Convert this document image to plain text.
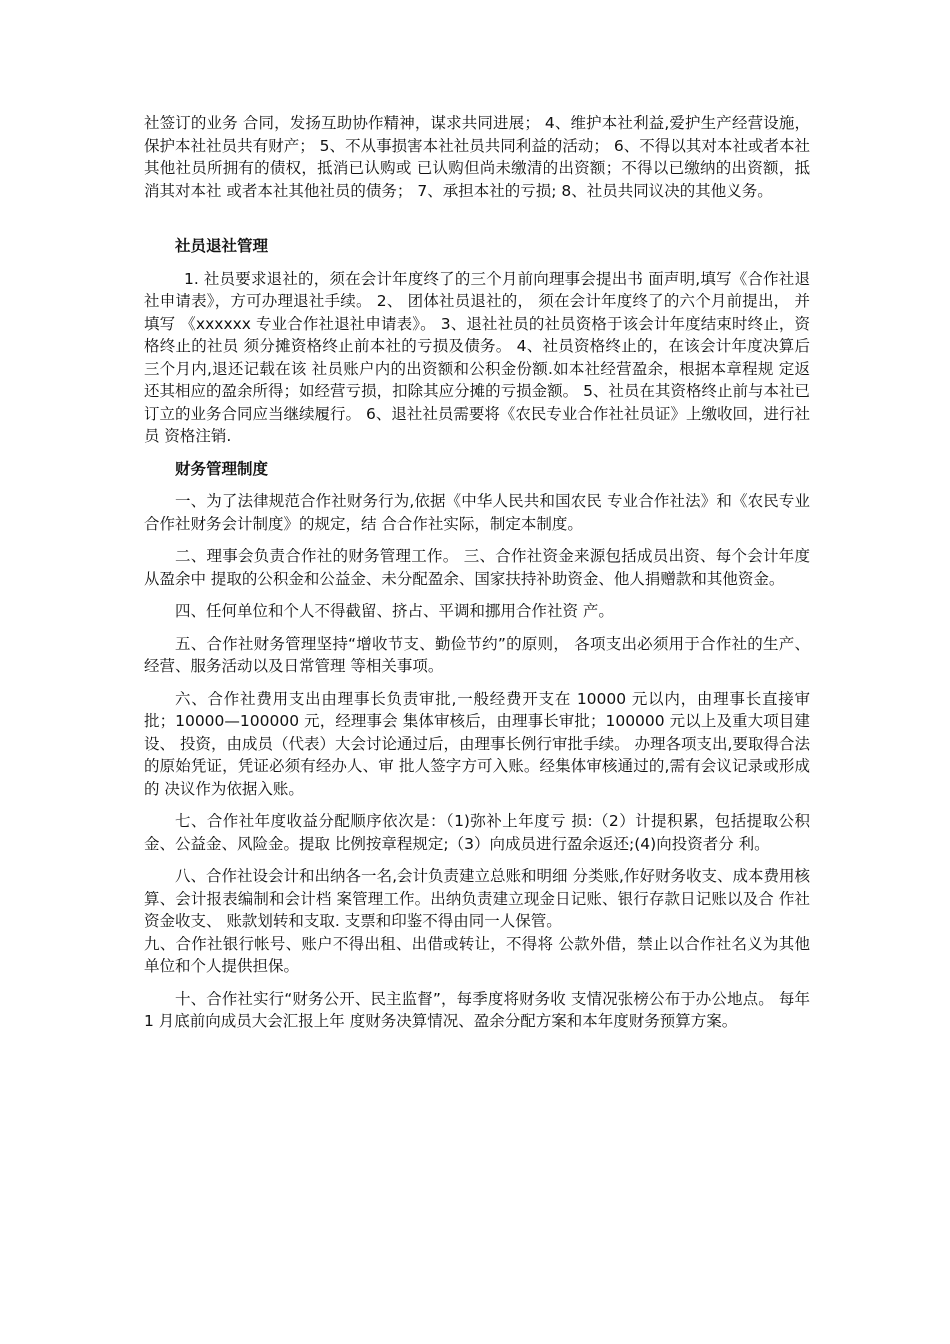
社签订的业务 合同，发扬互助协作精神，谋求共同进展； 4、维护本社利益,爱护生产经营设施，保护本社社员共有财产； 5、不从事损害本社社员共同利益的活动； 6、不得以其对本社或者本社其他社员所拥有的债权，抵消已认购或 已认购但尚未缴清的出资额；不得以已缴纳的出资额，抵消其对本社 或者本社其他社员的债务； 7、承担本社的亏损; 8、社员共同议决的其他义务。

社员退社管理

1. 社员要求退社的，须在会计年度终了的三个月前向理事会提出书 面声明,填写《合作社退社申请表》，方可办理退社手续。 2、 团体社员退社的， 须在会计年度终了的六个月前提出， 并填写 《xxxxxx 专业合作社退社申请表》。 3、退社社员的社员资格于该会计年度结束时终止，资格终止的社员 须分摊资格终止前本社的亏损及债务。 4、社员资格终止的，在该会计年度决算后三个月内,退还记载在该 社员账户内的出资额和公积金份额.如本社经营盈余，根据本章程规 定返还其相应的盈余所得；如经营亏损，扣除其应分摊的亏损金额。 5、社员在其资格终止前与本社已订立的业务合同应当继续履行。 6、退社社员需要将《农民专业合作社社员证》上缴收回，进行社员 资格注销.

财务管理制度

一、为了法律规范合作社财务行为,依据《中华人民共和国农民 专业合作社法》和《农民专业合作社财务会计制度》的规定，结 合合作社实际，制定本制度。

二、理事会负责合作社的财务管理工作。 三、合作社资金来源包括成员出资、每个会计年度从盈余中 提取的公积金和公益金、未分配盈余、国家扶持补助资金、他人捐赠款和其他资金。

四、任何单位和个人不得截留、挤占、平调和挪用合作社资 产。

五、合作社财务管理坚持“增收节支、勤俭节约”的原则， 各项支出必须用于合作社的生产、经营、服务活动以及日常管理 等相关事项。

六、合作社费用支出由理事长负责审批,一般经费开支在 10000 元以内，由理事长直接审批；10000—100000 元，经理事会 集体审核后，由理事长审批；100000 元以上及重大项目建设、 投资，由成员（代表）大会讨论通过后，由理事长例行审批手续。 办理各项支出,要取得合法的原始凭证，凭证必须有经办人、审 批人签字方可入账。经集体审核通过的,需有会议记录或形成的 决议作为依据入账。

七、合作社年度收益分配顺序依次是：（1)弥补上年度亏 损:（2）计提积累，包括提取公积金、公益金、风险金。提取 比例按章程规定;（3）向成员进行盈余返还;(4)向投资者分 利。

八、合作社设会计和出纳各一名,会计负责建立总账和明细 分类账,作好财务收支、成本费用核算、会计报表编制和会计档 案管理工作。出纳负责建立现金日记账、银行存款日记账以及合 作社资金收支、 账款划转和支取. 支票和印鉴不得由同一人保管。

九、合作社银行帐号、账户不得出租、出借或转让，不得将 公款外借，禁止以合作社名义为其他单位和个人提供担保。

十、合作社实行“财务公开、民主监督”，每季度将财务收 支情况张榜公布于办公地点。 每年 1 月底前向成员大会汇报上年 度财务决算情况、盈余分配方案和本年度财务预算方案。
